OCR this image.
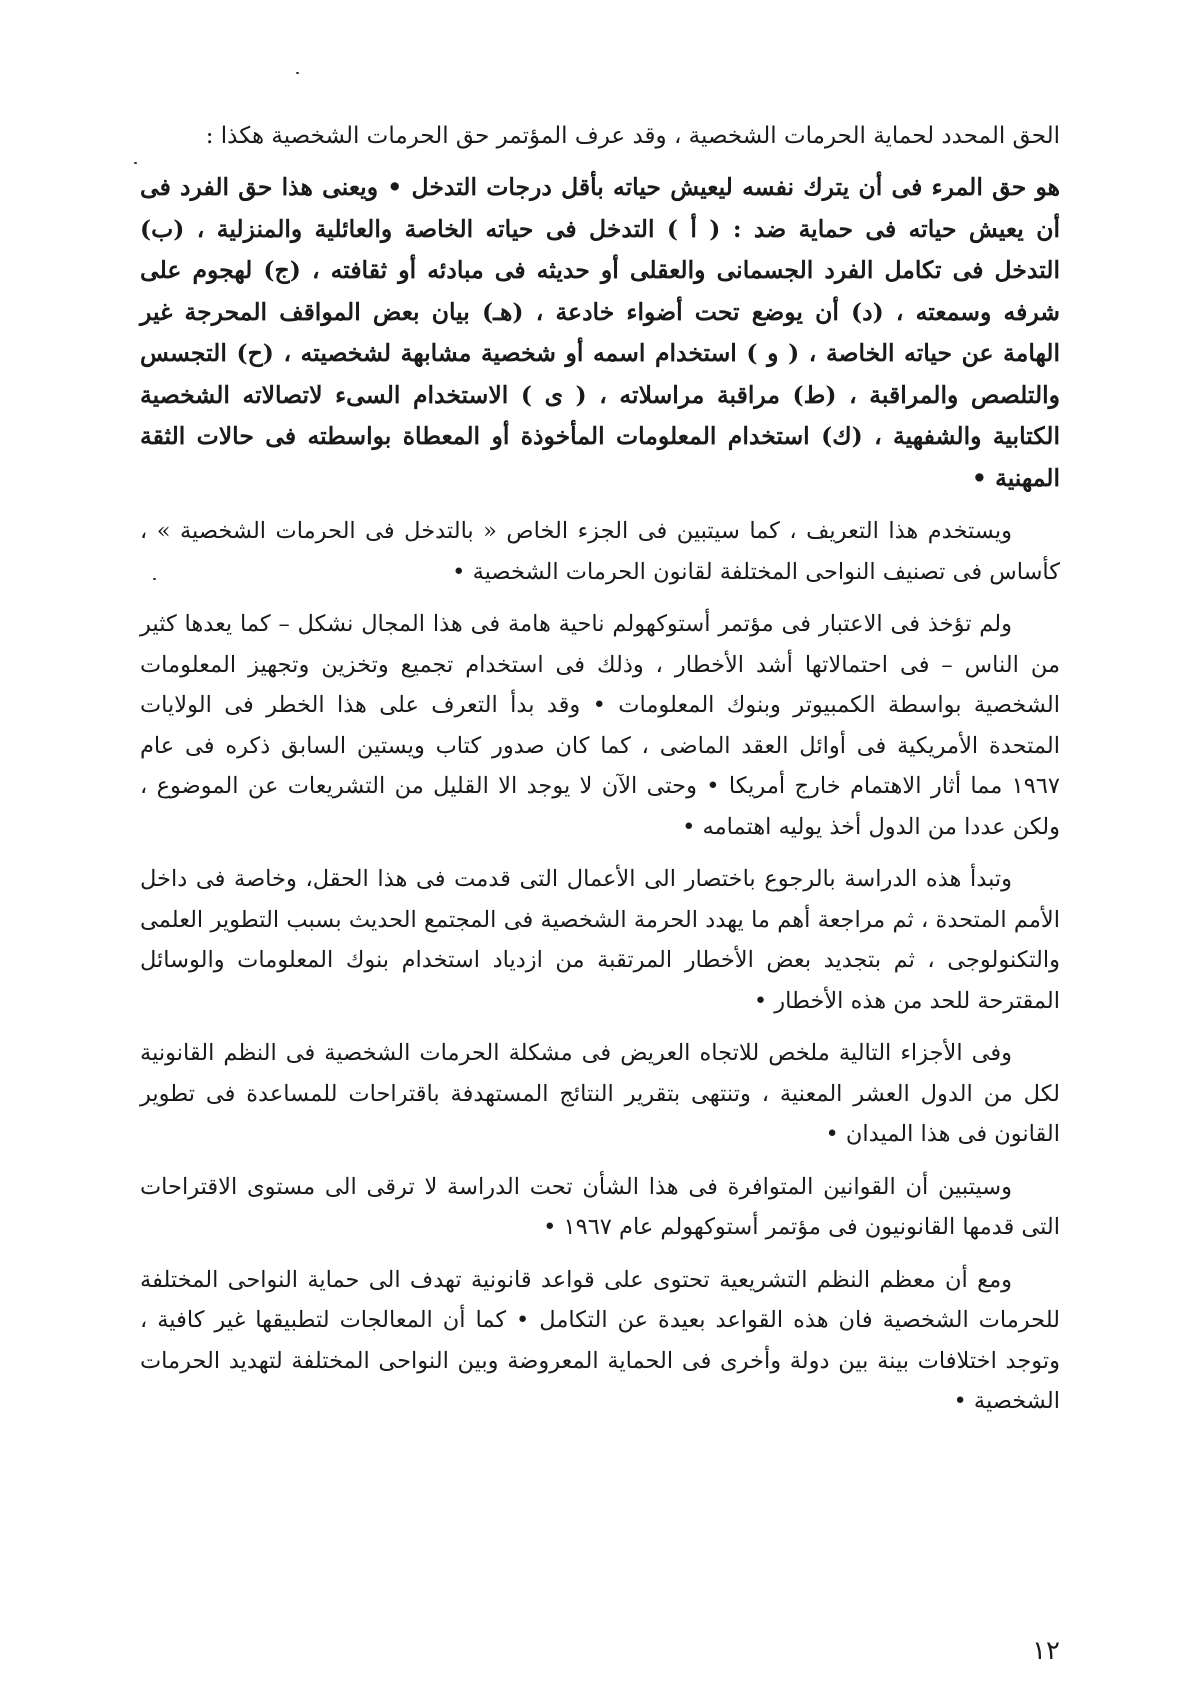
الحق المحدد لحماية الحرمات الشخصية ، وقد عرف المؤتمر حق الحرمات الشخصية هكذا :

هو حق المرء فى أن يترك نفسه ليعيش حياته بأقل درجات التدخل • ويعنى هذا حق الفرد فى أن يعيش حياته فى حماية ضد : ( أ ) التدخل فى حياته الخاصة والعائلية والمنزلية ، (ب) التدخل فى تكامل الفرد الجسمانى والعقلى أو حديثه فى مبادئه أو ثقافته ، (ج) لهجوم على شرفه وسمعته ، (د) أن يوضع تحت أضواء خادعة ، (هـ) بيان بعض المواقف المحرجة غير الهامة عن حياته الخاصة ، ( و ) استخدام اسمه أو شخصية مشابهة لشخصيته ، (ح) التجسس والتلصص والمراقبة ، (ط) مراقبة مراسلاته ، ( ى ) الاستخدام السىء لاتصالاته الشخصية الكتابية والشفهية ، (ك) استخدام المعلومات المأخوذة أو المعطاة بواسطته فى حالات الثقة المهنية •

ويستخدم هذا التعريف ، كما سيتبين فى الجزء الخاص « بالتدخل فى الحرمات الشخصية » ، كأساس فى تصنيف النواحى المختلفة لقانون الحرمات الشخصية •

ولم تؤخذ فى الاعتبار فى مؤتمر أستوكهولم ناحية هامة فى هذا المجال نشكل – كما يعدها كثير من الناس – فى احتمالاتها أشد الأخطار ، وذلك فى استخدام تجميع وتخزين وتجهيز المعلومات الشخصية بواسطة الكمبيوتر وبنوك المعلومات • وقد بدأ التعرف على هذا الخطر فى الولايات المتحدة الأمريكية فى أوائل العقد الماضى ، كما كان صدور كتاب ويستين السابق ذكره فى عام ١٩٦٧ مما أثار الاهتمام خارج أمريكا • وحتى الآن لا يوجد الا القليل من التشريعات عن الموضوع ، ولكن عددا من الدول أخذ يوليه اهتمامه •

وتبدأ هذه الدراسة بالرجوع باختصار الى الأعمال التى قدمت فى هذا الحقل، وخاصة فى داخل الأمم المتحدة ، ثم مراجعة أهم ما يهدد الحرمة الشخصية فى المجتمع الحديث بسبب التطوير العلمى والتكنولوجى ، ثم بتجديد بعض الأخطار المرتقبة من ازدياد استخدام بنوك المعلومات والوسائل المقترحة للحد من هذه الأخطار •

وفى الأجزاء التالية ملخص للاتجاه العريض فى مشكلة الحرمات الشخصية فى النظم القانونية لكل من الدول العشر المعنية ، وتنتهى بتقرير النتائج المستهدفة باقتراحات للمساعدة فى تطوير القانون فى هذا الميدان •

وسيتبين أن القوانين المتوافرة فى هذا الشأن تحت الدراسة لا ترقى الى مستوى الاقتراحات التى قدمها القانونيون فى مؤتمر أستوكهولم عام ١٩٦٧ •

ومع أن معظم النظم التشريعية تحتوى على قواعد قانونية تهدف الى حماية النواحى المختلفة للحرمات الشخصية فان هذه القواعد بعيدة عن التكامل • كما أن المعالجات لتطبيقها غير كافية ، وتوجد اختلافات بينة بين دولة وأخرى فى الحماية المعروضة وبين النواحى المختلفة لتهديد الحرمات الشخصية •

١٢
